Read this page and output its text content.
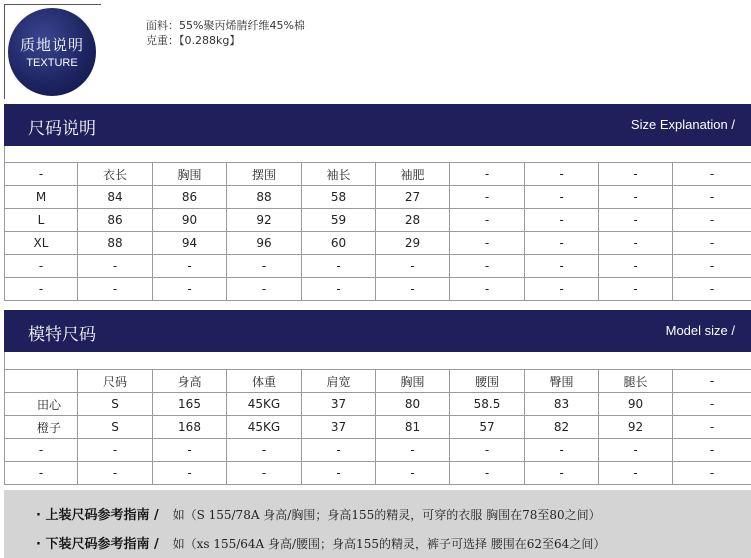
质地说明
TEXTURE
面料：55%聚丙烯腈纤维45%棉
克重：【0.288kg】
尺码说明	Size Explanation /
-	衣长	胸围	摆围	袖长	袖肥	-	-	-	-
M	84	86	88	58	27	-	-	-	-
L	86	90	92	59	28	-	-	-	-
XL	88	94	96	60	29	-	-	-	-
-	-	-	-	-	-	-	-	-	-
-	-	-	-	-	-	-	-	-	-
模特尺码	Model size /
	尺码	身高	体重	肩宽	胸围	腰围	臀围	腿长	-
田心	S	165	45KG	37	80	58.5	83	90	-
橙子	S	168	45KG	37	81	57	82	92	-
-	-	-	-	-	-	-	-	-	-
-	-	-	-	-	-	-	-	-	-
· 上装尺码参考指南 / 如（S 155/78A 身高/胸围；身高155的精灵，可穿的衣服 胸围在78至80之间）
· 下装尺码参考指南 / 如（xs 155/64A 身高/腰围；身高155的精灵，裤子可选择 腰围在62至64之间）
